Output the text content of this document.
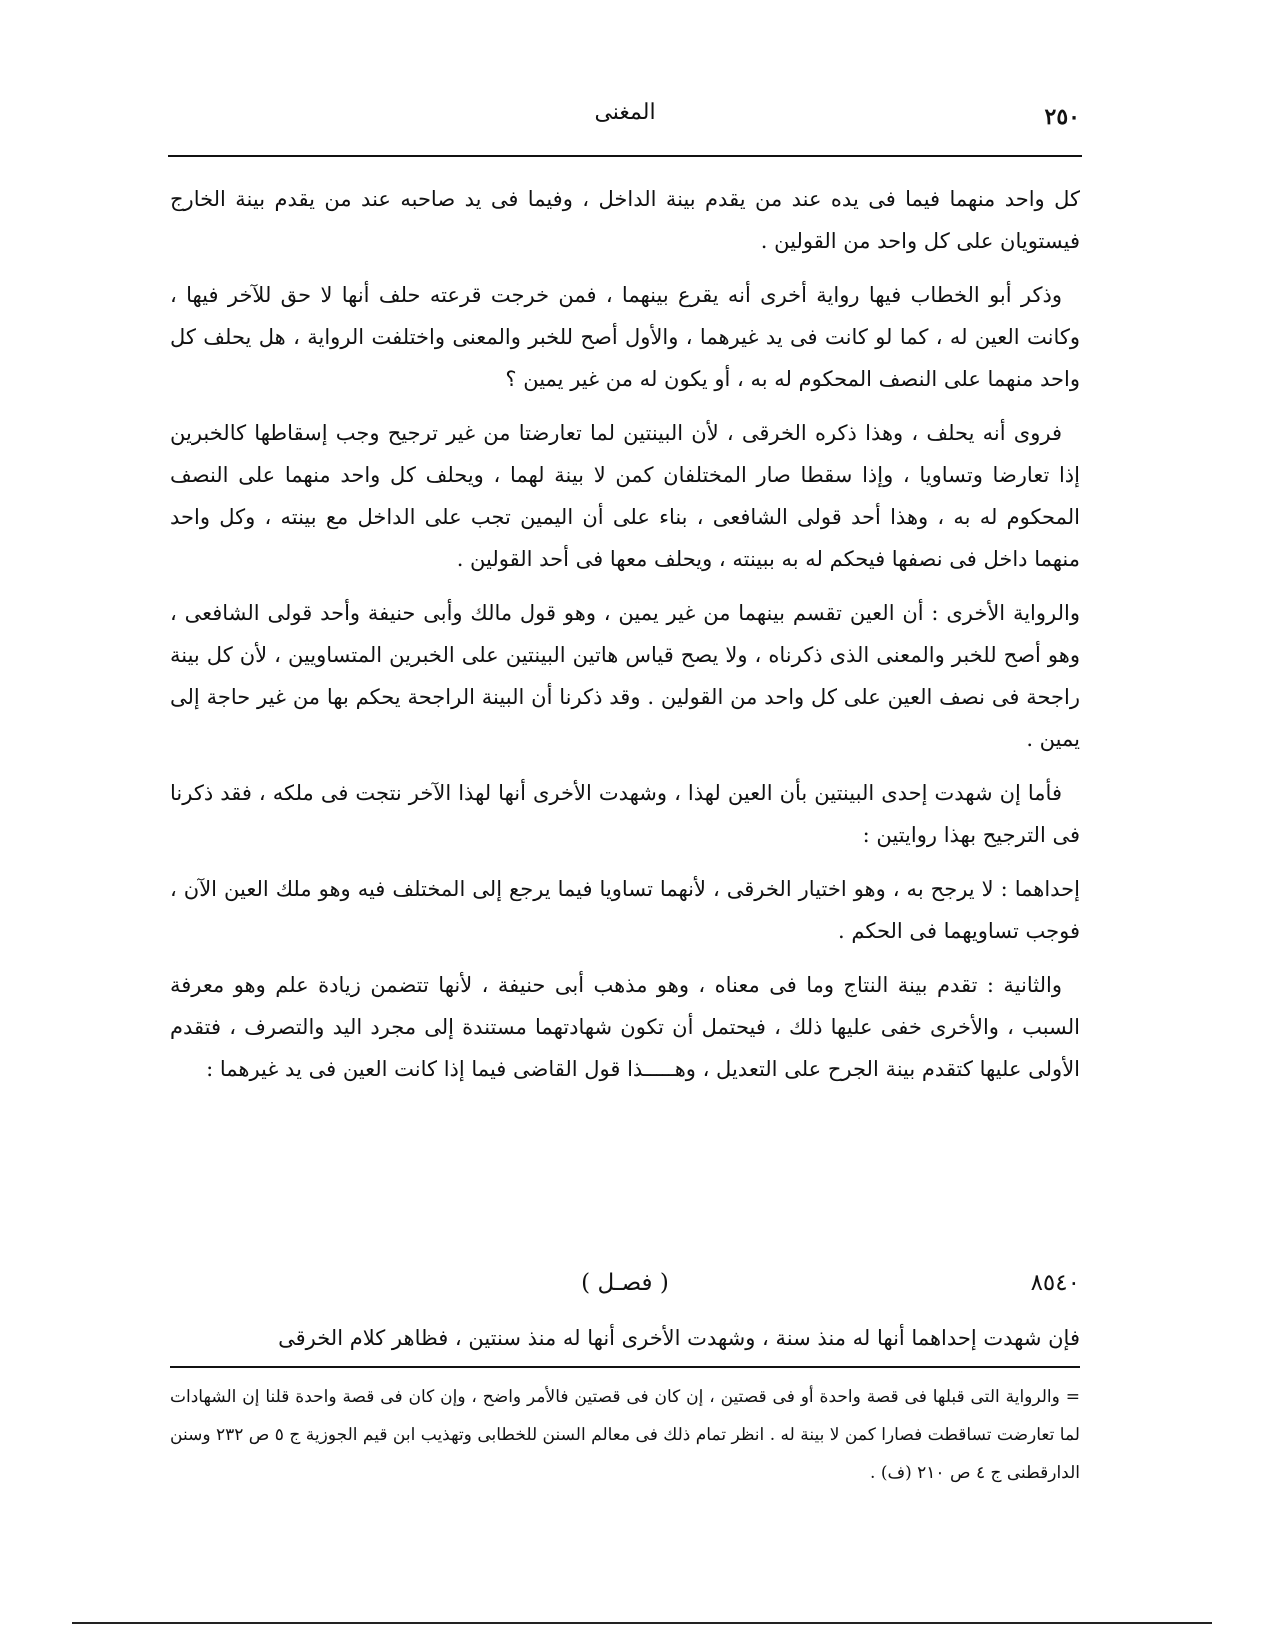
٢٥٠
المغنى

كل واحد منهما فيما فى يده عند من يقدم بينة الداخل ، وفيما فى يد صاحبه عند من يقدم بينة الخارج فيستويان على كل واحد من القولين .

وذكر أبو الخطاب فيها رواية أخرى أنه يقرع بينهما ، فمن خرجت قرعته حلف أنها لا حق للآخر فيها ، وكانت العين له ، كما لو كانت فى يد غيرهما ، والأول أصح للخبر والمعنى واختلفت الرواية ، هل يحلف كل واحد منهما على النصف المحكوم له به ، أو يكون له من غير يمين ؟

فروى أنه يحلف ، وهذا ذكره الخرقى ، لأن البينتين لما تعارضتا من غير ترجيح وجب إسقاطها كالخبرين إذا تعارضا وتساويا ، وإذا سقطا صار المختلفان كمن لا بينة لهما ، ويحلف كل واحد منهما على النصف المحكوم له به ، وهذا أحد قولى الشافعى ، بناء على أن اليمين تجب على الداخل مع بينته ، وكل واحد منهما داخل فى نصفها فيحكم له به ببينته ، ويحلف معها فى أحد القولين .

والرواية الأخرى : أن العين تقسم بينهما من غير يمين ، وهو قول مالك وأبى حنيفة وأحد قولى الشافعى ، وهو أصح للخبر والمعنى الذى ذكرناه ، ولا يصح قياس هاتين البينتين على الخبرين المتساويين ، لأن كل بينة راجحة فى نصف العين على كل واحد من القولين . وقد ذكرنا أن البينة الراجحة يحكم بها من غير حاجة إلى يمين .

فأما إن شهدت إحدى البينتين بأن العين لهذا ، وشهدت الأخرى أنها لهذا الآخر نتجت فى ملكه ، فقد ذكرنا فى الترجيح بهذا روايتين :

إحداهما : لا يرجح به ، وهو اختيار الخرقى ، لأنهما تساويا فيما يرجع إلى المختلف فيه وهو ملك العين الآن ، فوجب تساويهما فى الحكم .

والثانية : تقدم بينة النتاج وما فى معناه ، وهو مذهب أبى حنيفة ، لأنها تتضمن زيادة علم وهو معرفة السبب ، والأخرى خفى عليها ذلك ، فيحتمل أن تكون شهادتهما مستندة إلى مجرد اليد والتصرف ، فتقدم الأولى عليها كتقدم بينة الجرح على التعديل ، وهـــــذا قول القاضى فيما إذا كانت العين فى يد غيرهما :

٨٥٤٠
( فصـل )
فإن شهدت إحداهما أنها له منذ سنة ، وشهدت الأخرى أنها له منذ سنتين ، فظاهر كلام الخرقى

= والرواية التى قبلها فى قصة واحدة أو فى قصتين ، إن كان فى قصتين فالأمر واضح ، وإن كان فى قصة واحدة قلنا إن الشهادات لما تعارضت تساقطت فصارا كمن لا بينة له . انظر تمام ذلك فى معالم السنن للخطابى وتهذيب ابن قيم الجوزية ج ٥ ص ٢٣٢ وسنن الدارقطنى ج ٤ ص ٢١٠ (ف) .
